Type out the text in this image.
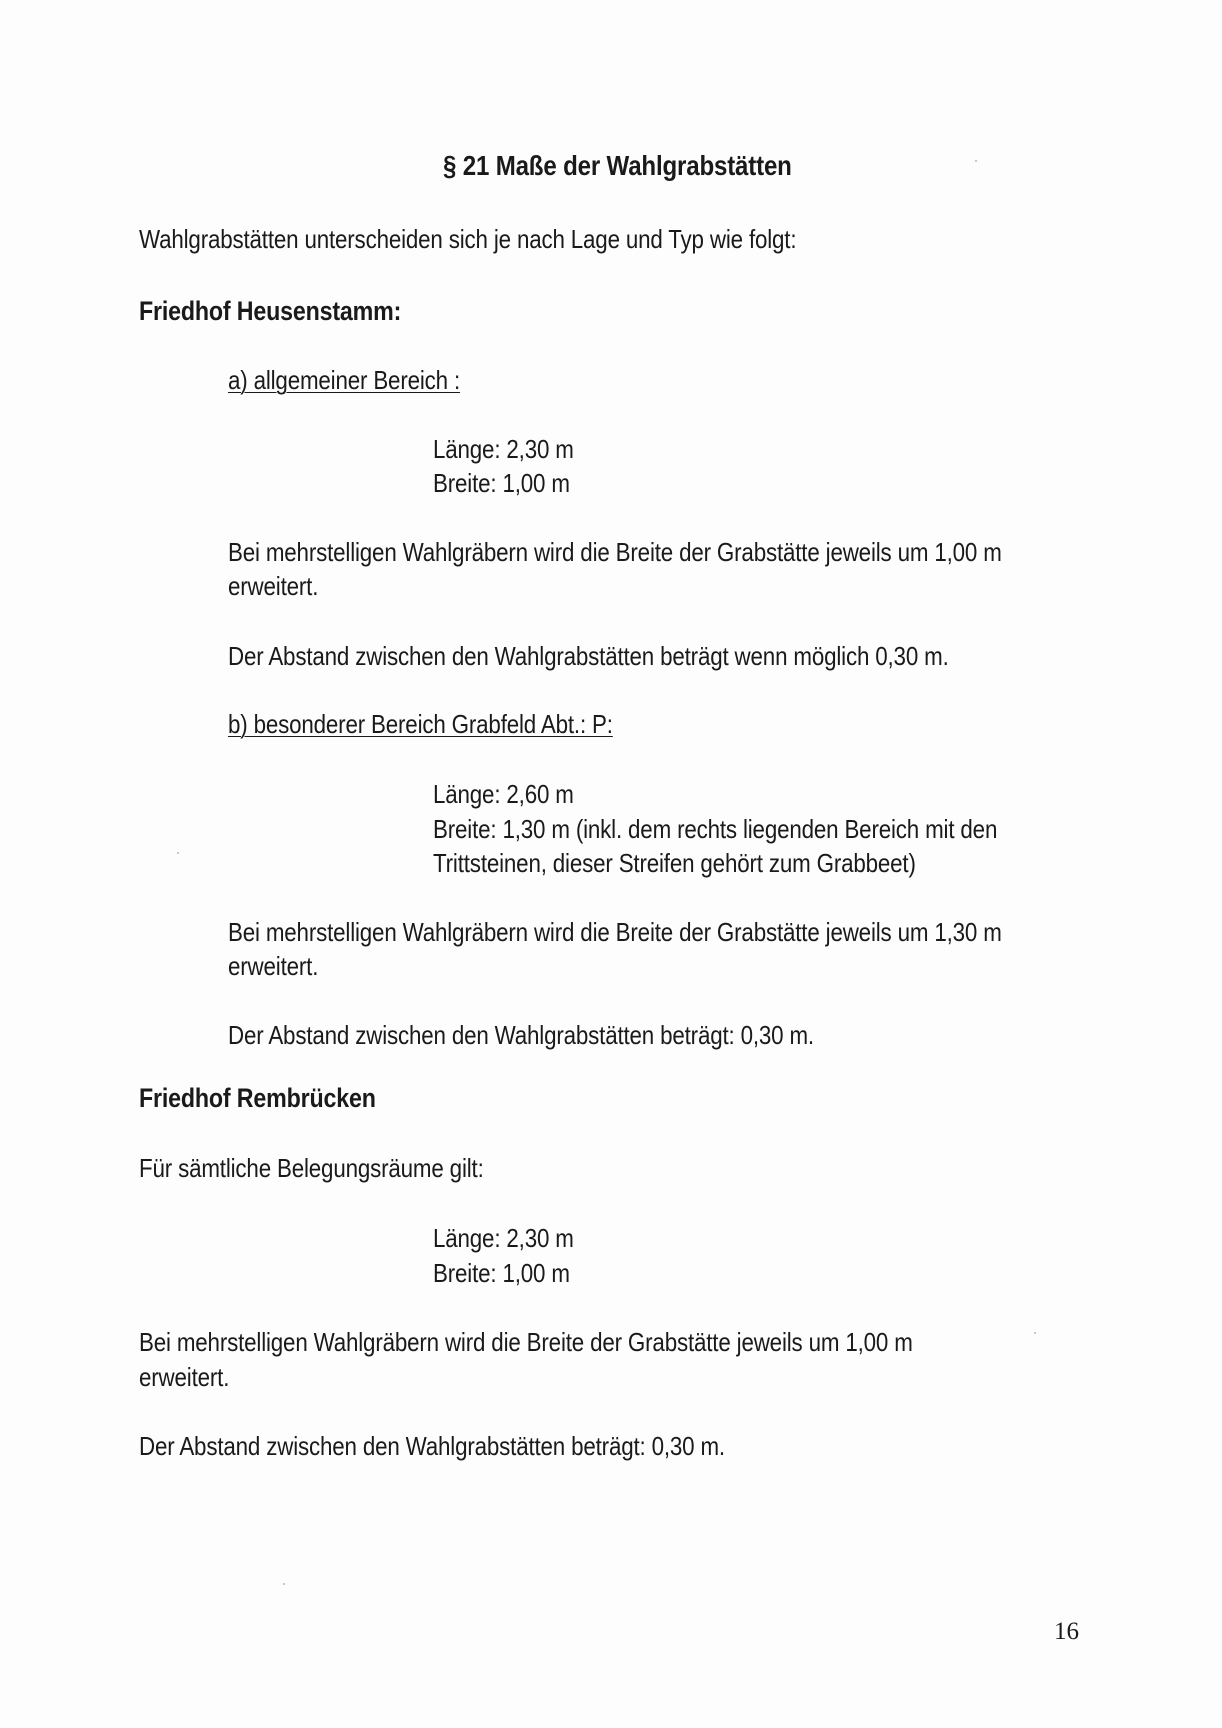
§ 21 Maße der Wahlgrabstätten
Wahlgrabstätten unterscheiden sich je nach Lage und Typ wie folgt:
Friedhof Heusenstamm:
a) allgemeiner Bereich :
Länge: 2,30 m
Breite: 1,00 m
Bei mehrstelligen Wahlgräbern wird die Breite der Grabstätte jeweils um 1,00 m
erweitert.
Der Abstand zwischen den Wahlgrabstätten beträgt wenn möglich 0,30 m.
b) besonderer Bereich Grabfeld Abt.: P:
Länge: 2,60 m
Breite: 1,30 m (inkl. dem rechts liegenden Bereich mit den
Trittsteinen, dieser Streifen gehört zum Grabbeet)
Bei mehrstelligen Wahlgräbern wird die Breite der Grabstätte jeweils um 1,30 m
erweitert.
Der Abstand zwischen den Wahlgrabstätten beträgt: 0,30 m.
Friedhof Rembrücken
Für sämtliche Belegungsräume gilt:
Länge: 2,30 m
Breite: 1,00 m
Bei mehrstelligen Wahlgräbern wird die Breite der Grabstätte jeweils um 1,00 m
erweitert.
Der Abstand zwischen den Wahlgrabstätten beträgt: 0,30 m.
16
